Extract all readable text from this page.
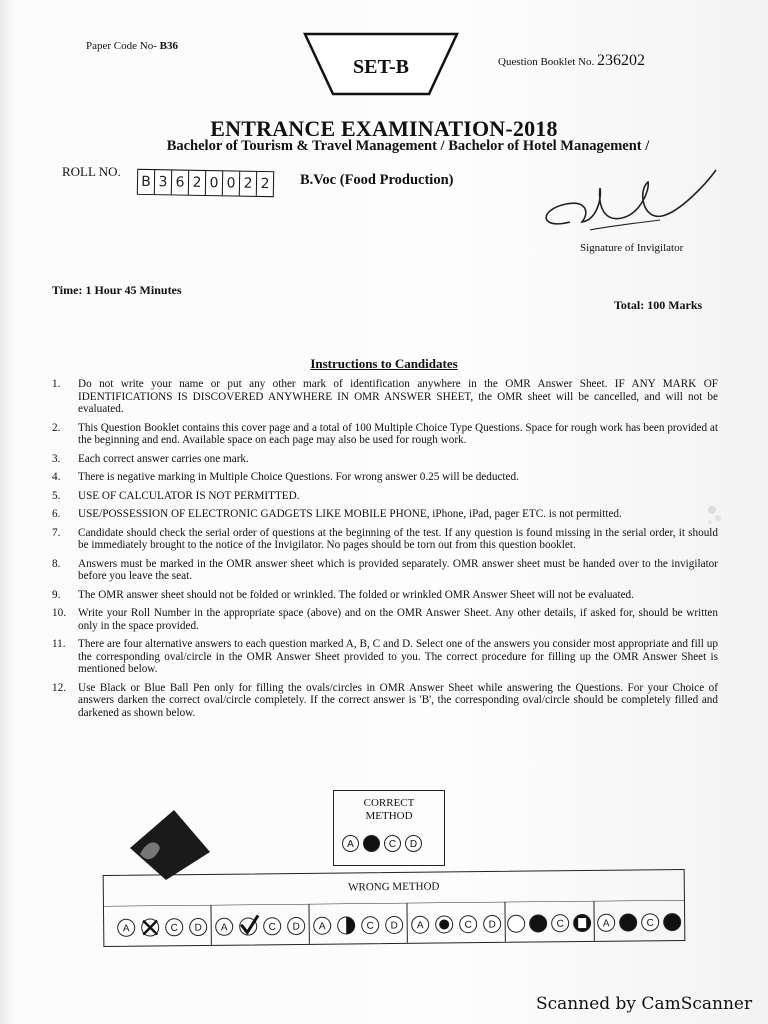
Paper Code No- B36
SET-B	Question Booklet No. 236202
ENTRANCE EXAMINATION-2018
Bachelor of Tourism & Travel Management / Bachelor of Hotel Management /
ROLL NO.
B 3 6 2 0 0 2 2 B.Voc (Food Production)
Signature of Invigilator
Time: 1 Hour 45 Minutes
Total: 100 Marks
Instructions to Candidates
1.	Do not write your name or put any other mark of identification anywhere in the OMR Answer Sheet. IF ANY MARK OF IDENTIFICATIONS IS DISCOVERED ANYWHERE IN OMR ANSWER SHEET, the OMR sheet will be cancelled, and will not be evaluated.
2.	This Question Booklet contains this cover page and a total of 100 Multiple Choice Type Questions. Space for rough work has been provided at the beginning and end. Available space on each page may also be used for rough work.
3.	Each correct answer carries one mark.
4.	There is negative marking in Multiple Choice Questions. For wrong answer 0.25 will be deducted.
5.	USE OF CALCULATOR IS NOT PERMITTED.
6.	USE/POSSESSION OF ELECTRONIC GADGETS LIKE MOBILE PHONE, iPhone, iPad, pager ETC. is not permitted.
7.	Candidate should check the serial order of questions at the beginning of the test. If any question is found missing in the serial order, it should be immediately brought to the notice of the Invigilator. No pages should be torn out from this question booklet.
8.	Answers must be marked in the OMR answer sheet which is provided separately. OMR answer sheet must be handed over to the invigilator before you leave the seat.
9.	The OMR answer sheet should not be folded or wrinkled. The folded or wrinkled OMR Answer Sheet will not be evaluated.
10.	Write your Roll Number in the appropriate space (above) and on the OMR Answer Sheet. Any other details, if asked for, should be written only in the space provided.
11.	There are four alternative answers to each question marked A, B, C and D. Select one of the answers you consider most appropriate and fill up the corresponding oval/circle in the OMR Answer Sheet provided to you. The correct procedure for filling up the OMR Answer Sheet is mentioned below.
12.	Use Black or Blue Ball Pen only for filling the ovals/circles in OMR Answer Sheet while answering the Questions. For your Choice of answers darken the correct oval/circle completely. If the correct answer is 'B', the corresponding oval/circle should be completely filled and darkened as shown below.
CORRECT
METHOD
A	C	D
WRONG METHOD
A	C D A	C D A	C D A	C D	C	A	C
Scanned by CamScanner
